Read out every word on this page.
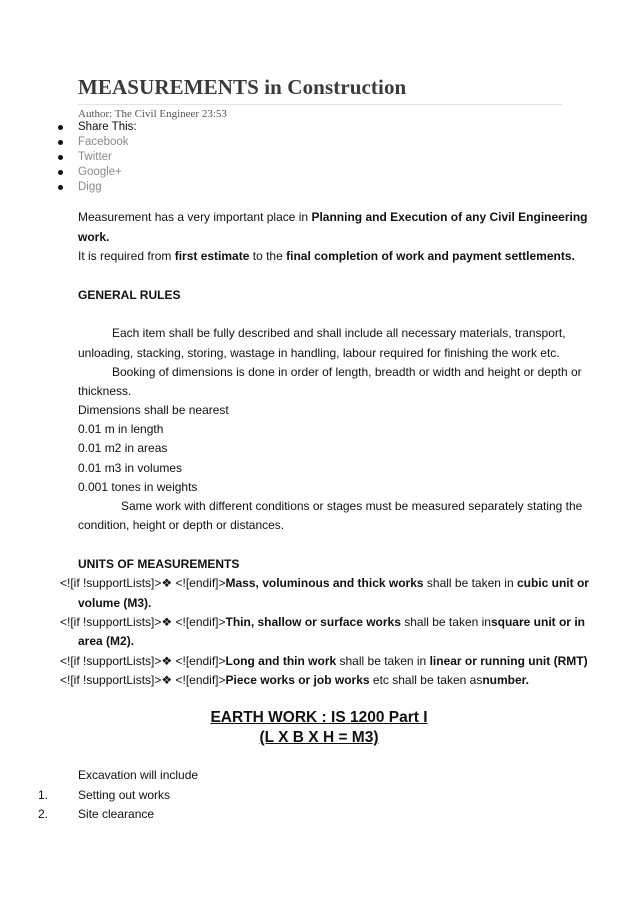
MEASUREMENTS in Construction
Author: The Civil Engineer 23:53
Share This:
Facebook
Twitter
Google+
Digg
Measurement has a very important place in Planning and Execution of any Civil Engineering
work.
It is required from first estimate to the final completion of work and payment settlements.
GENERAL RULES
Each item shall be fully described and shall include all necessary materials, transport,
unloading, stacking, storing, wastage in handling, labour required for finishing the work etc.
Booking of dimensions is done in order of length, breadth or width and height or depth or
thickness.
Dimensions shall be nearest
0.01 m in length
0.01 m2 in areas
0.01 m3 in volumes
0.001 tones in weights
Same work with different conditions or stages must be measured separately stating the
condition, height or depth or distances.
UNITS OF MEASUREMENTS
<![if !supportLists]>❖ <![endif]>Mass, voluminous and thick works shall be taken in cubic unit or
volume (M3).
<![if !supportLists]>❖ <![endif]>Thin, shallow or surface works shall be taken insquare unit or in
area (M2).
<![if !supportLists]>❖ <![endif]>Long and thin work shall be taken in linear or running unit (RMT)
<![if !supportLists]>❖ <![endif]>Piece works or job works etc shall be taken asnumber.
EARTH WORK : IS 1200 Part I
(L X B X H = M3)
Excavation will include
1. Setting out works
2. Site clearance
